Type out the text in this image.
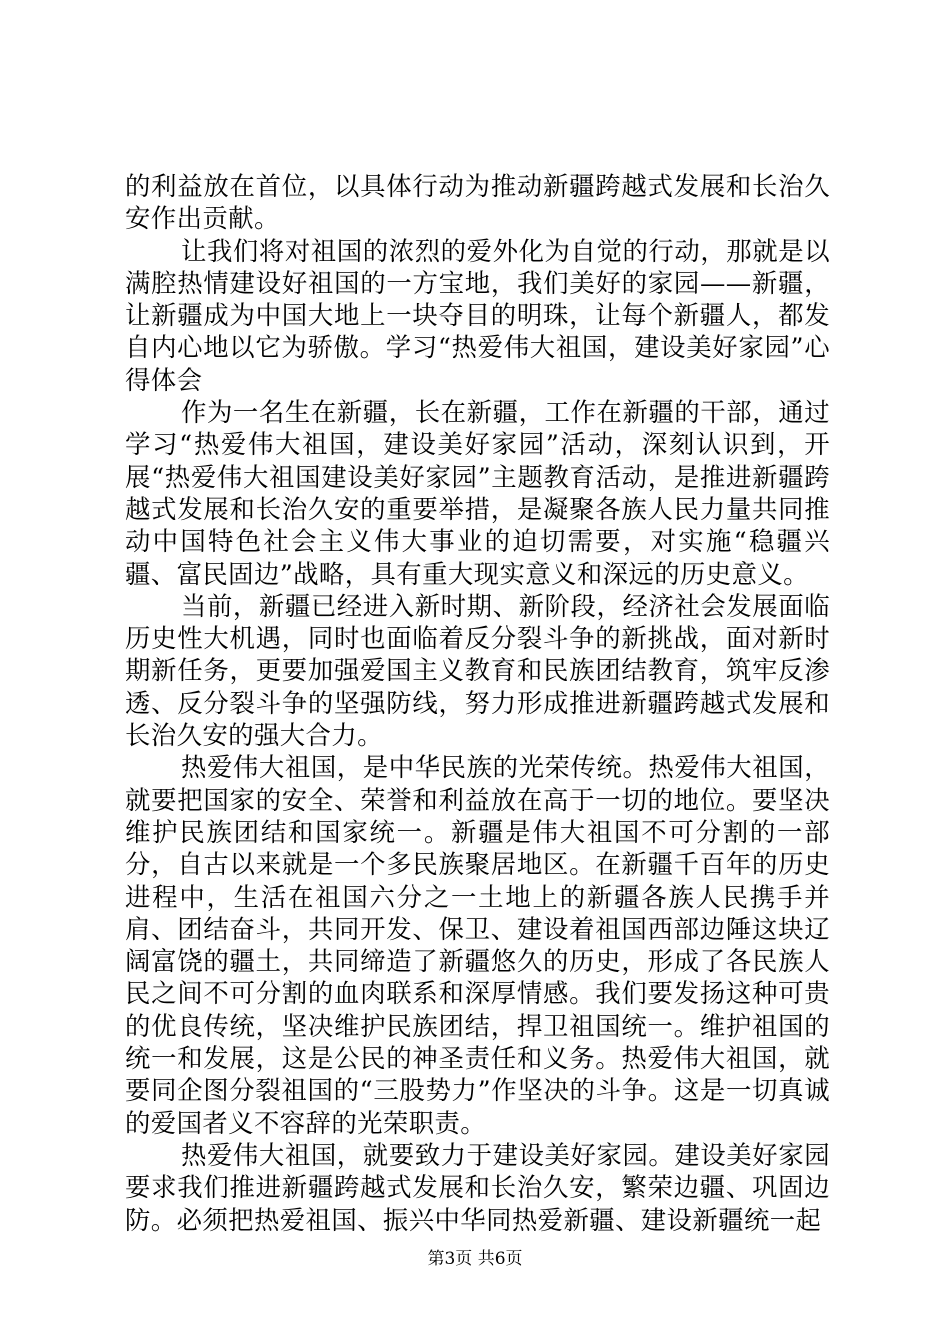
的利益放在首位，以具体行动为推动新疆跨越式发展和长治久安作出贡献。

让我们将对祖国的浓烈的爱外化为自觉的行动，那就是以满腔热情建设好祖国的一方宝地，我们美好的家园——新疆，让新疆成为中国大地上一块夺目的明珠，让每个新疆人，都发自内心地以它为骄傲。学习“热爱伟大祖国，建设美好家园”心得体会

作为一名生在新疆，长在新疆，工作在新疆的干部，通过学习“热爱伟大祖国，建设美好家园”活动，深刻认识到，开展“热爱伟大祖国建设美好家园”主题教育活动，是推进新疆跨越式发展和长治久安的重要举措，是凝聚各族人民力量共同推动中国特色社会主义伟大事业的迫切需要，对实施“稳疆兴疆、富民固边”战略，具有重大现实意义和深远的历史意义。

当前，新疆已经进入新时期、新阶段，经济社会发展面临历史性大机遇，同时也面临着反分裂斗争的新挑战，面对新时期新任务，更要加强爱国主义教育和民族团结教育，筑牢反渗透、反分裂斗争的坚强防线，努力形成推进新疆跨越式发展和长治久安的强大合力。

热爱伟大祖国，是中华民族的光荣传统。热爱伟大祖国，就要把国家的安全、荣誉和利益放在高于一切的地位。要坚决维护民族团结和国家统一。新疆是伟大祖国不可分割的一部分，自古以来就是一个多民族聚居地区。在新疆千百年的历史进程中，生活在祖国六分之一土地上的新疆各族人民携手并肩、团结奋斗，共同开发、保卫、建设着祖国西部边陲这块辽阔富饶的疆土，共同缔造了新疆悠久的历史，形成了各民族人民之间不可分割的血肉联系和深厚情感。我们要发扬这种可贵的优良传统，坚决维护民族团结，捍卫祖国统一。维护祖国的统一和发展，这是公民的神圣责任和义务。热爱伟大祖国，就要同企图分裂祖国的“三股势力”作坚决的斗争。这是一切真诚的爱国者义不容辞的光荣职责。

热爱伟大祖国，就要致力于建设美好家园。建设美好家园要求我们推进新疆跨越式发展和长治久安，繁荣边疆、巩固边防。必须把热爱祖国、振兴中华同热爱新疆、建设新疆统一起

第3页 共6页
